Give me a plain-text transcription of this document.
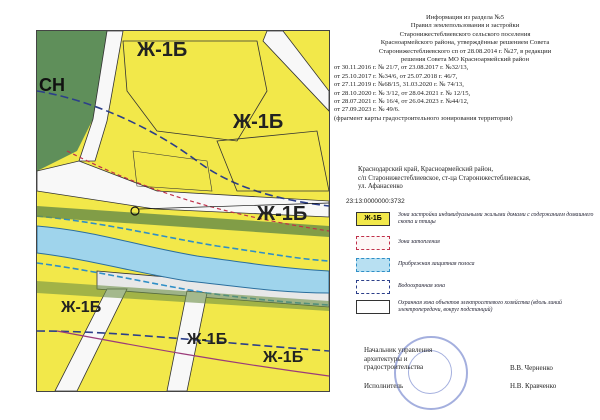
Ж-1Б
Ж-1Б
Ж-1Б
Ж-1Б
Ж-1Б
Ж-1Б
СН
Информация из раздела №5
Правил землепользования и застройки
Старонижестеблиевского сельского поселения
Красноармейского района, утверждённые решением Совета
Старонижестеблиевского сп от 28.08.2014 г. №27, в редакции
решения Совета МО Красноармейский район
от 30.11.2016 г. № 21/7, от 23.08.2017 г. №32/13,
от 25.10.2017 г. №34/6, от 25.07.2018 г. 46/7,
от 27.11.2019 г. №68/15, 31.03.2020 г. № 74/13,
от 28.10.2020 г. № 3/12, от 28.04.2021 г. № 12/15,
от 28.07.2021 г. № 16/4, от 26.04.2023 г. №44/12,
от 27.09.2023 г. № 49/6.
(фрагмент карты градостроительного зонирования территории)
Краснодарский край, Красноармейский район,
с/п Старонижестеблиевское, ст-ца Старонижестеблиевская,
ул. Афанасенко
23:13:0000000:3732
Ж-1Б	Зона застройки индивидуальными жилыми домами с содержанием домашнего скота и птицы
Зона затопления
Прибрежная защитная полоса
Водоохранная зона
Охранная зона объектов электросетевого хозяйства (вдоль линий электропередачи, вокруг подстанций)
Начальник управления
архитектуры и
градостроительства	В.В. Черненко
Исполнитель	Н.В. Кравченко
